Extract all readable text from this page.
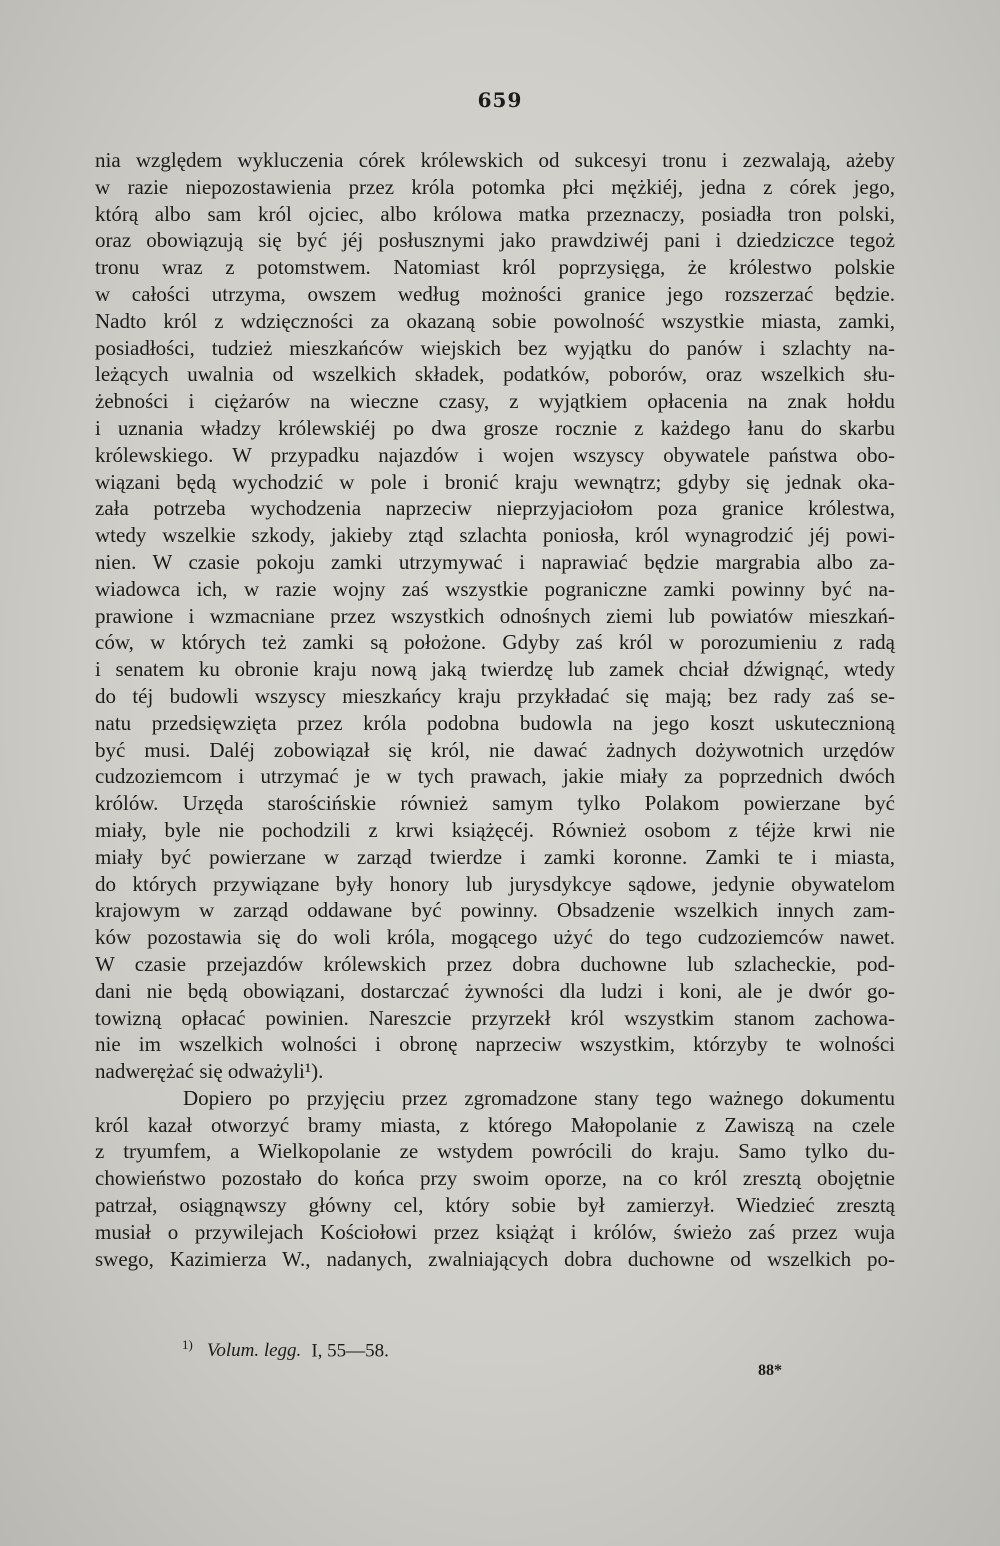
659
nia względem wykluczenia córek królewskich od sukcesyi tronu i zezwalają, ażeby
w razie niepozostawienia przez króla potomka płci mężkiéj, jedna z córek jego,
którą albo sam król ojciec, albo królowa matka przeznaczy, posiadła tron polski,
oraz obowiązują się być jéj posłusznymi jako prawdziwéj pani i dziedziczce tegoż
tronu wraz z potomstwem. Natomiast król poprzysięga, że królestwo polskie
w całości utrzyma, owszem według możności granice jego rozszerzać będzie.
Nadto król z wdzięczności za okazaną sobie powolność wszystkie miasta, zamki,
posiadłości, tudzież mieszkańców wiejskich bez wyjątku do panów i szlachty na-
leżących uwalnia od wszelkich składek, podatków, poborów, oraz wszelkich słu-
żebności i ciężarów na wieczne czasy, z wyjątkiem opłacenia na znak hołdu
i uznania władzy królewskiéj po dwa grosze rocznie z każdego łanu do skarbu
królewskiego. W przypadku najazdów i wojen wszyscy obywatele państwa obo-
wiązani będą wychodzić w pole i bronić kraju wewnątrz; gdyby się jednak oka-
zała potrzeba wychodzenia naprzeciw nieprzyjaciołom poza granice królestwa,
wtedy wszelkie szkody, jakieby ztąd szlachta poniosła, król wynagrodzić jéj powi-
nien. W czasie pokoju zamki utrzymywać i naprawiać będzie margrabia albo za-
wiadowca ich, w razie wojny zaś wszystkie pograniczne zamki powinny być na-
prawione i wzmacniane przez wszystkich odnośnych ziemi lub powiatów mieszkań-
ców, w których też zamki są położone. Gdyby zaś król w porozumieniu z radą
i senatem ku obronie kraju nową jaką twierdzę lub zamek chciał dźwignąć, wtedy
do téj budowli wszyscy mieszkańcy kraju przykładać się mają; bez rady zaś se-
natu przedsięwzięta przez króla podobna budowla na jego koszt uskutecznioną
być musi. Daléj zobowiązał się król, nie dawać żadnych dożywotnich urzędów
cudzoziemcom i utrzymać je w tych prawach, jakie miały za poprzednich dwóch
królów. Urzęda starościńskie również samym tylko Polakom powierzane być
miały, byle nie pochodzili z krwi książęcéj. Również osobom z téjże krwi nie
miały być powierzane w zarząd twierdze i zamki koronne. Zamki te i miasta,
do których przywiązane były honory lub jurysdykcye sądowe, jedynie obywatelom
krajowym w zarząd oddawane być powinny. Obsadzenie wszelkich innych zam-
ków pozostawia się do woli króla, mogącego użyć do tego cudzoziemców nawet.
W czasie przejazdów królewskich przez dobra duchowne lub szlacheckie, pod-
dani nie będą obowiązani, dostarczać żywności dla ludzi i koni, ale je dwór go-
towizną opłacać powinien. Nareszcie przyrzekł król wszystkim stanom zachowa-
nie im wszelkich wolności i obronę naprzeciw wszystkim, którzyby te wolności
nadwerężać się odważyli¹).
Dopiero po przyjęciu przez zgromadzone stany tego ważnego dokumentu
król kazał otworzyć bramy miasta, z którego Małopolanie z Zawiszą na czele
z tryumfem, a Wielkopolanie ze wstydem powrócili do kraju. Samo tylko du-
chowieństwo pozostało do końca przy swoim oporze, na co król zresztą obojętnie
patrzał, osiągnąwszy główny cel, który sobie był zamierzył. Wiedzieć zresztą
musiał o przywilejach Kościołowi przez książąt i królów, świeżo zaś przez wuja
swego, Kazimierza W., nadanych, zwalniających dobra duchowne od wszelkich po-
$^{1)}$ Volum. legg. I, 55—58.
88*
